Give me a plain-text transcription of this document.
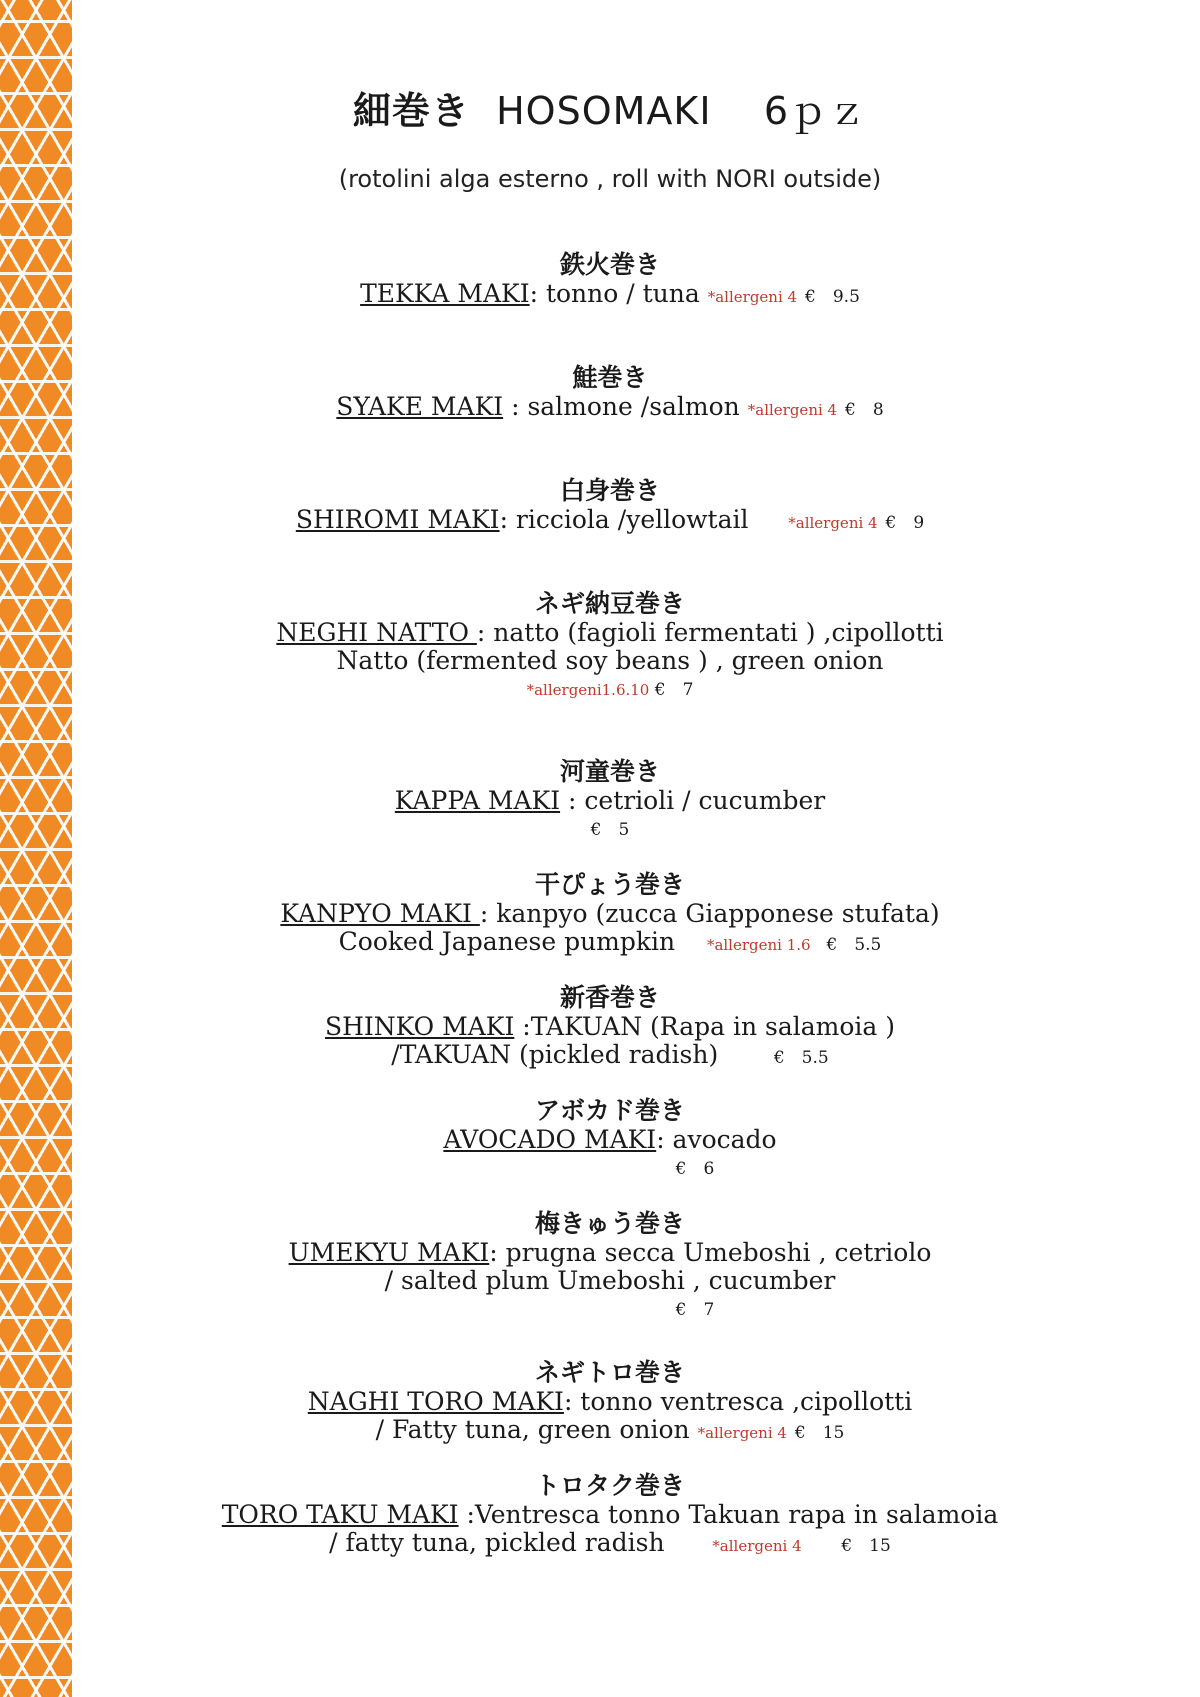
細巻き HOSOMAKI 6ｐｚ
(rotolini alga esterno , roll with NORI outside)
鉄火巻き
TEKKA MAKI: tonno / tuna *allergeni 4 €　9.5
鮭巻き
SYAKE MAKI : salmone /salmon *allergeni 4 €　8
白身巻き
SHIROMI MAKI: ricciola /yellowtail	*allergeni 4 €　9
ネギ納豆巻き
NEGHI NATTO : natto (fagioli fermentati ) ,cipollotti
Natto (fermented soy beans ) , green onion
*allergeni1.6.10 €　7
河童巻き
KAPPA MAKI : cetrioli / cucumber
€　5
干ぴょう巻き
KANPYO MAKI : kanpyo (zucca Giapponese stufata)
Cooked Japanese pumpkin *allergeni 1.6 €　5.5
新香巻き
SHINKO MAKI :TAKUAN (Rapa in salamoia )
/TAKUAN (pickled radish)	€　5.5
アボカド巻き
AVOCADO MAKI: avocado
€　6
梅きゅう巻き
UMEKYU MAKI: prugna secca Umeboshi , cetriolo
/ salted plum Umeboshi , cucumber
€　7
ネギトロ巻き
NAGHI TORO MAKI: tonno ventresca ,cipollotti
/ Fatty tuna, green onion *allergeni 4 €　15
トロタク巻き
TORO TAKU MAKI :Ventresca tonno Takuan rapa in salamoia
/ fatty tuna, pickled radish	*allergeni 4 €　15
